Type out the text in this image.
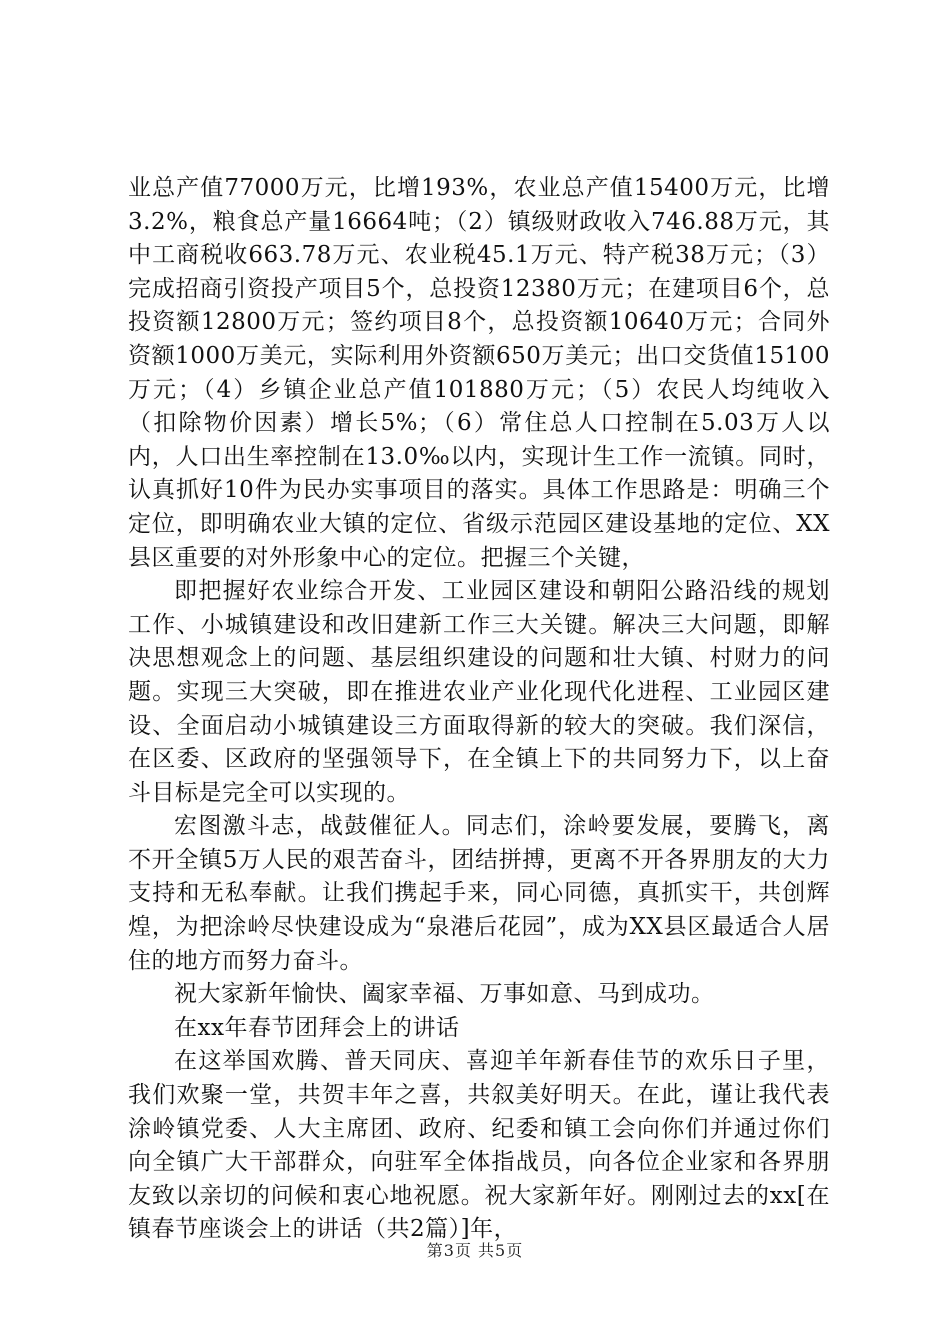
业总产值77000万元，比增193%，农业总产值15400万元，比增3.2%，粮食总产量16664吨；（2）镇级财政收入746.88万元，其中工商税收663.78万元、农业税45.1万元、特产税38万元；（3）完成招商引资投产项目5个，总投资12380万元；在建项目6个，总投资额12800万元；签约项目8个，总投资额10640万元；合同外资额1000万美元，实际利用外资额650万美元；出口交货值15100万元；（4）乡镇企业总产值101880万元；（5）农民人均纯收入（扣除物价因素）增长5%；（6）常住总人口控制在5.03万人以内，人口出生率控制在13.0‰以内，实现计生工作一流镇。同时，认真抓好10件为民办实事项目的落实。具体工作思路是：明确三个定位，即明确农业大镇的定位、省级示范园区建设基地的定位、XX县区重要的对外形象中心的定位。把握三个关键，

即把握好农业综合开发、工业园区建设和朝阳公路沿线的规划工作、小城镇建设和改旧建新工作三大关键。解决三大问题，即解决思想观念上的问题、基层组织建设的问题和壮大镇、村财力的问题。实现三大突破，即在推进农业产业化现代化进程、工业园区建设、全面启动小城镇建设三方面取得新的较大的突破。我们深信，在区委、区政府的坚强领导下，在全镇上下的共同努力下，以上奋斗目标是完全可以实现的。

宏图激斗志，战鼓催征人。同志们，涂岭要发展，要腾飞，离不开全镇5万人民的艰苦奋斗，团结拼搏，更离不开各界朋友的大力支持和无私奉献。让我们携起手来，同心同德，真抓实干，共创辉煌，为把涂岭尽快建设成为“泉港后花园”，成为XX县区最适合人居住的地方而努力奋斗。

祝大家新年愉快、阖家幸福、万事如意、马到成功。

在xx年春节团拜会上的讲话

在这举国欢腾、普天同庆、喜迎羊年新春佳节的欢乐日子里，我们欢聚一堂，共贺丰年之喜，共叙美好明天。在此，谨让我代表涂岭镇党委、人大主席团、政府、纪委和镇工会向你们并通过你们向全镇广大干部群众，向驻军全体指战员，向各位企业家和各界朋友致以亲切的问候和衷心地祝愿。祝大家新年好。刚刚过去的xx[在镇春节座谈会上的讲话（共2篇）]年，

第3页 共5页
